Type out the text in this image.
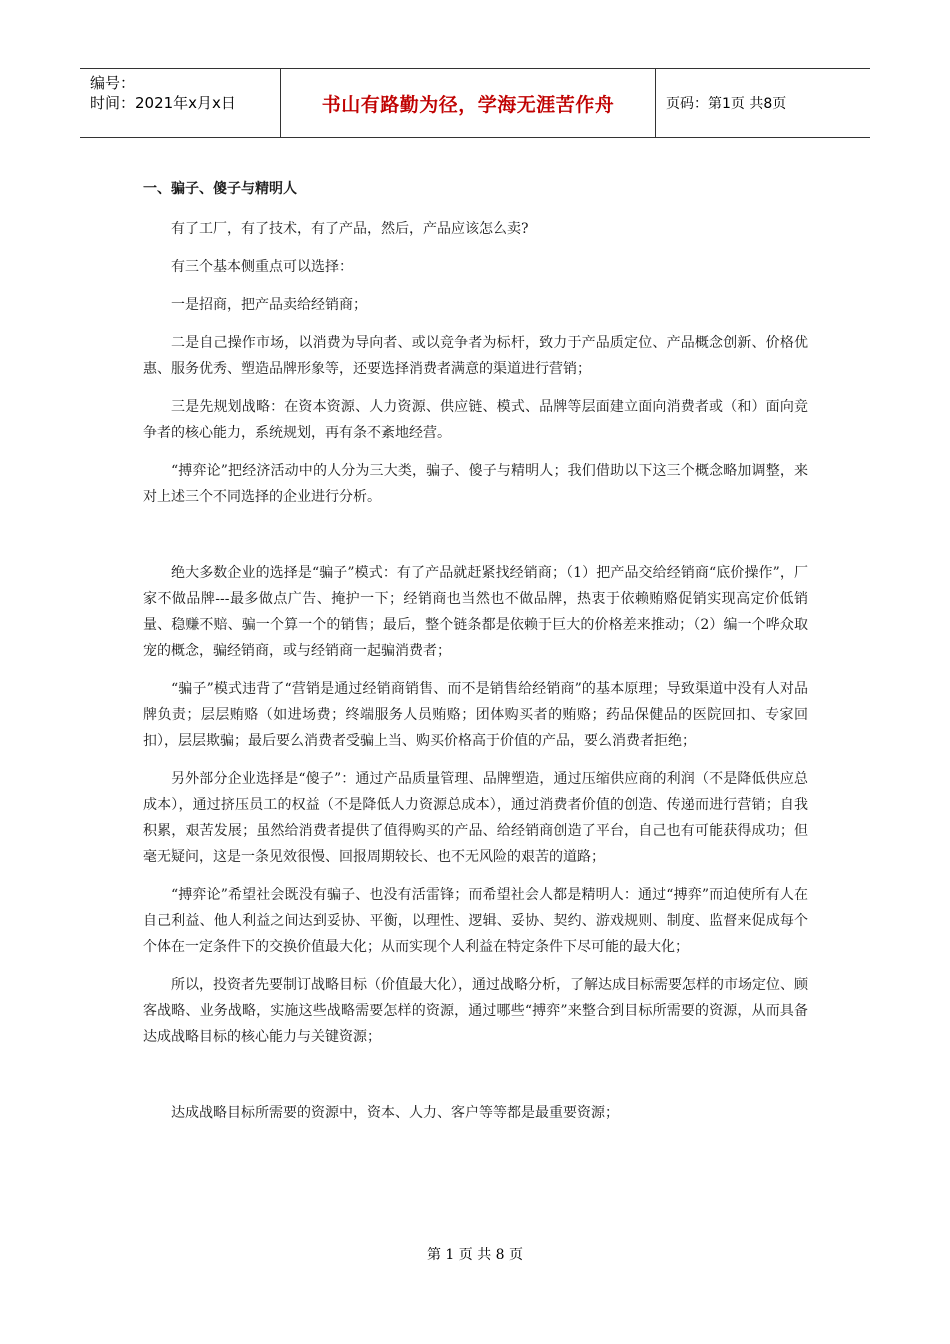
编号：
时间：2021年x月x日	书山有路勤为径，学海无涯苦作舟	页码：第1页 共8页
一、骗子、傻子与精明人

有了工厂，有了技术，有了产品，然后，产品应该怎么卖?

有三个基本侧重点可以选择：

一是招商，把产品卖给经销商；

二是自己操作市场，以消费为导向者、或以竞争者为标杆，致力于产品质定位、产品概念创新、价格优惠、服务优秀、塑造品牌形象等，还要选择消费者满意的渠道进行营销；

三是先规划战略：在资本资源、人力资源、供应链、模式、品牌等层面建立面向消费者或（和）面向竞争者的核心能力，系统规划，再有条不紊地经营。

“搏弈论”把经济活动中的人分为三大类，骗子、傻子与精明人；我们借助以下这三个概念略加调整，来对上述三个不同选择的企业进行分析。

绝大多数企业的选择是“骗子”模式：有了产品就赶紧找经销商；（1）把产品交给经销商“底价操作”，厂家不做品牌---最多做点广告、掩护一下；经销商也当然也不做品牌，热衷于依赖贿赂促销实现高定价低销量、稳赚不赔、骗一个算一个的销售；最后，整个链条都是依赖于巨大的价格差来推动；（2）编一个哗众取宠的概念，骗经销商，或与经销商一起骗消费者；

“骗子”模式违背了“营销是通过经销商销售、而不是销售给经销商”的基本原理；导致渠道中没有人对品牌负责；层层贿赂（如进场费；终端服务人员贿赂；团体购买者的贿赂；药品保健品的医院回扣、专家回扣），层层欺骗；最后要么消费者受骗上当、购买价格高于价值的产品，要么消费者拒绝；

另外部分企业选择是“傻子”：通过产品质量管理、品牌塑造，通过压缩供应商的利润（不是降低供应总成本），通过挤压员工的权益（不是降低人力资源总成本），通过消费者价值的创造、传递而进行营销；自我积累，艰苦发展；虽然给消费者提供了值得购买的产品、给经销商创造了平台，自己也有可能获得成功；但毫无疑问，这是一条见效很慢、回报周期较长、也不无风险的艰苦的道路；

“搏弈论”希望社会既没有骗子、也没有活雷锋；而希望社会人都是精明人：通过“搏弈”而迫使所有人在自己利益、他人利益之间达到妥协、平衡，以理性、逻辑、妥协、契约、游戏规则、制度、监督来促成每个个体在一定条件下的交换价值最大化；从而实现个人利益在特定条件下尽可能的最大化；

所以，投资者先要制订战略目标（价值最大化），通过战略分析，了解达成目标需要怎样的市场定位、顾客战略、业务战略，实施这些战略需要怎样的资源，通过哪些“搏弈”来整合到目标所需要的资源，从而具备达成战略目标的核心能力与关键资源；

达成战略目标所需要的资源中，资本、人力、客户等等都是最重要资源；

第 1 页 共 8 页
